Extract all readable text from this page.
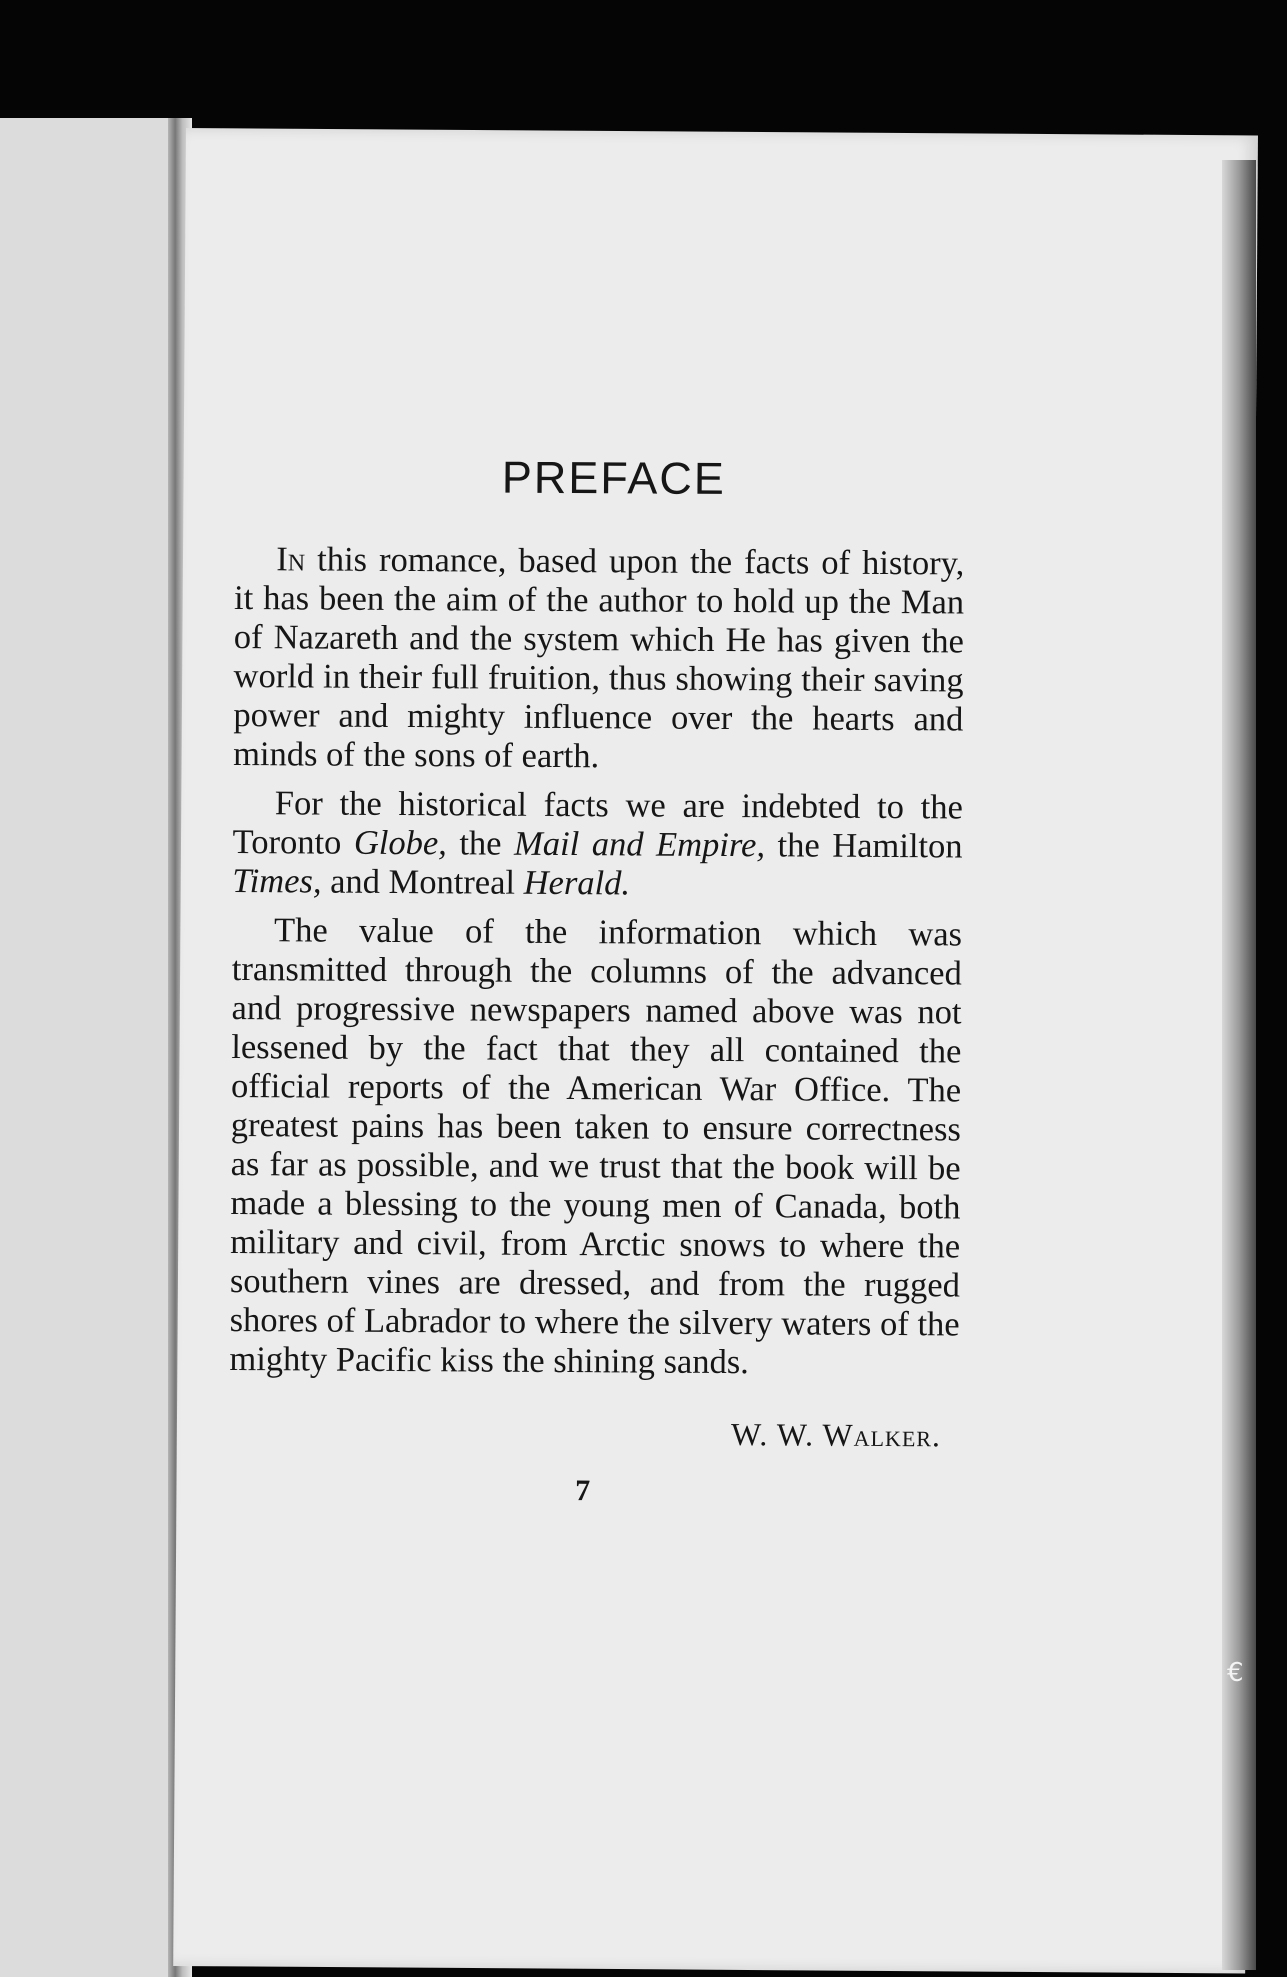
PREFACE

In this romance, based upon the facts of history, it has been the aim of the author to hold up the Man of Nazareth and the system which He has given the world in their full fruition, thus showing their saving power and mighty influence over the hearts and minds of the sons of earth.

For the historical facts we are indebted to the Toronto Globe, the Mail and Empire, the Hamilton Times, and Montreal Herald.

The value of the information which was transmitted through the columns of the advanced and progressive newspapers named above was not lessened by the fact that they all contained the official reports of the American War Office. The greatest pains has been taken to ensure correctness as far as possible, and we trust that the book will be made a blessing to the young men of Canada, both military and civil, from Arctic snows to where the southern vines are dressed, and from the rugged shores of Labrador to where the silvery waters of the mighty Pacific kiss the shining sands.

W. W. Walker.
7
€
